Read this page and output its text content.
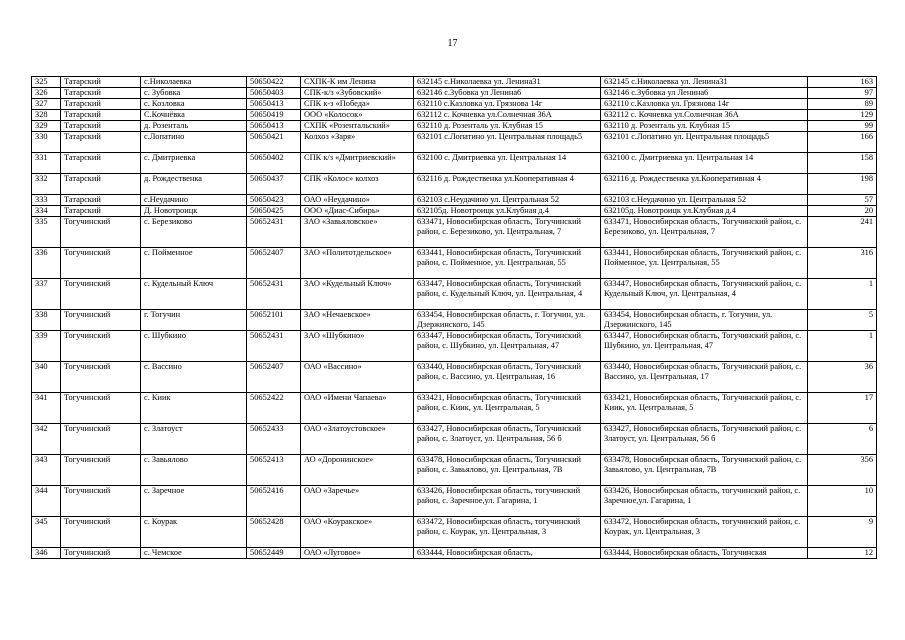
17
325	Татарский	с.Николаевка	50650422	СХПК-К им Ленина	632145 с.Николаевка ул. Ленина31	632145 с.Николаевка ул. Ленина31	163

326	Татарский	с. Зубовка	50650403	СПК-к/з «Зубовский»	632146 с.Зубовка ул Ленина6	632146 с.Зубовка ул Ленина6	97

327	Татарский	с. Козловка	50650413	СПК к-з «Победа»	632110 с.Казловка ул. Грязнова 14г	632110 с.Казловка ул. Грязнова 14г	89

328	Татарский	С.Кочнёвка	50650419	ООО «Колосок»	632112 с. Кочневка ул.Солнечная 36А	632112 с. Кочневка ул.Солнечная 36А	129

329	Татарский	д. Розенталь	50650413	СХПК «Розентальский»	632110 д. Розенталь ул. Клубная 15	632110 д. Розенталь ул. Клубная 15	99

330	Татарский	с.Лопатино	50650421	Колхоз «Заря»	632101 с.Лопатино ул. Центральная площадь5	632101 с.Лопатино ул. Центральная площадь5	166

331	Татарский	с. Дмитриевка	50650402	СПК к/з «Дмитриевский»	632100 с. Дмитриевка ул. Центральная 14	632100 с. Дмитриевка ул. Центральная 14	158

332	Татарский	д. Рождественка	50650437	СПК «Колос» колхоз	632116 д. Рождественка ул.Кооперативная 4	632116 д. Рождественка ул.Кооперативная 4	198

333	Татарский	с.Неудачино	50650423	ОАО «Неудачино»	632103 с.Неудачино ул. Центральная 52	632103 с.Неудачино ул. Центральная 52	57

334	Татарский	Д. Новотроицк	50650425	ООО «Диас-Сибирь»	632105д. Новотроицк ул.Клубная д.4	632105д. Новотроицк ул.Клубная д.4	20

335	Тогучинский	с. Березиково	50652431	ЗАО «Завьяловское»	633471, Новосибирская область, Тогучинский район, с. Березиково, ул. Центральная, 7	633471, Новосибирская область, Тогучинский район, с. Березиково, ул. Центральная, 7	241

336	Тогучинский	с. Пойменное	50652407	ЗАО «Политотдельское»	633441, Новосибирская область, Тогучинский район, с. Пойменное, ул. Центральная, 55	633441, Новосибирская область, Тогучинский район, с. Пойменное, ул. Центральная, 55	316

337	Тогучинский	с. Кудельный Ключ	50652431	ЗАО «Кудельный Ключ»	633447, Новосибирская область, Тогучинский район, с. Кудельный Ключ, ул. Центральная, 4	633447, Новосибирская область, Тогучинский район, с. Кудельный Ключ, ул. Центральная, 4	1

338	Тогучинский	г. Тогучин	50652101	ЗАО «Нечаевское»	633454, Новосибирская область, г. Тогучин, ул. Дзержинского, 145	633454, Новосибирская область, г. Тогучин, ул. Дзержинского, 145	5

339	Тогучинский	с. Шубкино	50652431	ЗАО «Шубкино»	633447, Новосибирская область, Тогучинский район, с. Шубкино, ул. Центральная, 47	633447, Новосибирская область, Тогучинский район, с. Шубкино, ул. Центральная, 47	1

340	Тогучинский	с. Вассино	50652407	ОАО «Вассино»	633440, Новосибирская область, Тогучинский район, с. Вассино, ул. Центральная, 16	633440, Новосибирская область, Тогучинский район, с. Вассино, ул. Центральная, 17	36

341	Тогучинский	с. Киик	50652422	ОАО «Имени Чапаева»	633421, Новосибирская область, Тогучинский район, с. Киик, ул. Центральная, 5	633421, Новосибирская область, Тогучинский район, с. Киик, ул. Центральная, 5	17

342	Тогучинский	с. Златоуст	50652433	ОАО «Златоустовское»	633427, Новосибирская область, Тогучинский район, с. Златоуст, ул. Центральная, 56 б	633427, Новосибирская область, Тогучинский район, с. Златоуст, ул. Центральная, 56 б	6

343	Тогучинский	с. Завьялово	50652413	АО «Доронинское»	633478, Новосибирская область, Тогучинский район, с. Завьялово, ул. Центральная, 7В	633478, Новосибирская область, Тогучинский район, с. Завьялово, ул. Центральная, 7В	356

344	Тогучинский	с. Заречное	50652416	ОАО «Заречье»	633426, Новосибирская область, тогучинский район, с. Заречное,ул. Гагарина, 1	633426, Новосибирская область, тогучинский район, с. Заречное,ул. Гагарина, 1	10

345	Тогучинский	с. Коурак	50652428	ОАО «Коуракское»	633472, Новосибирская область, тогучинский район, с. Коурак, ул. Центральная, 3	633472, Новосибирская область, тогучинский район, с. Коурак, ул. Центральная, 3	9

346	Тогучинский	с. Чемское	50652449	ОАО «Луговое»	633444, Новосибирская область,	633444, Новосибирская область, Тогучинская	12
